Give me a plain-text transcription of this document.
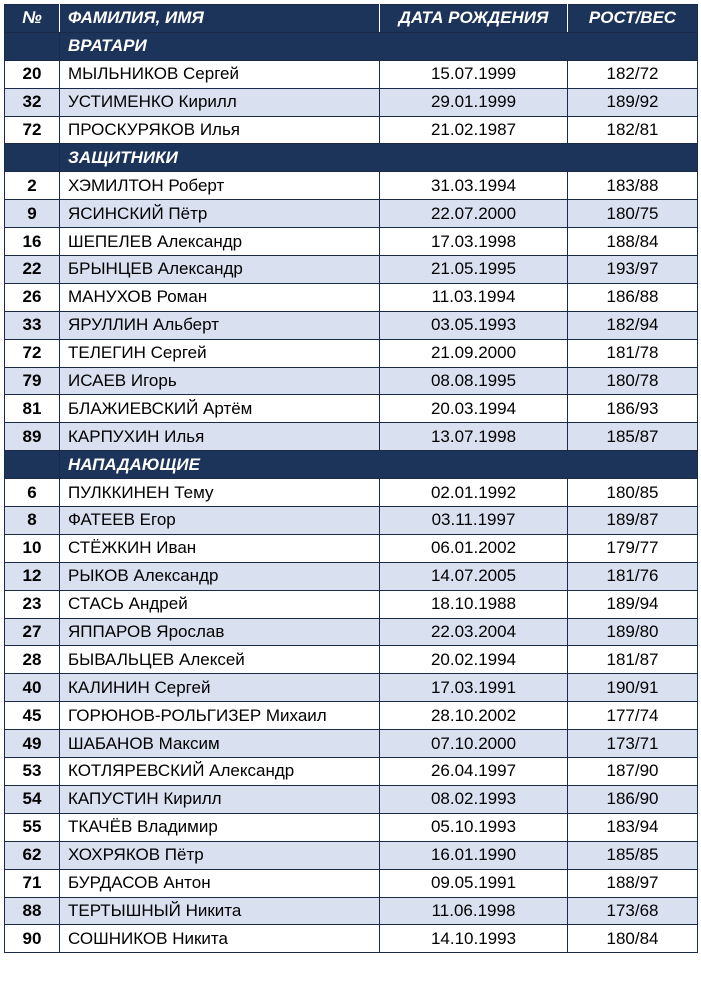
№	ФАМИЛИЯ, ИМЯ	ДАТА РОЖДЕНИЯ	РОСТ/ВЕС
	ВРАТАРИ		
20	МЫЛЬНИКОВ Сергей	15.07.1999	182/72
32	УСТИМЕНКО Кирилл	29.01.1999	189/92
72	ПРОСКУРЯКОВ Илья	21.02.1987	182/81
	ЗАЩИТНИКИ		
2	ХЭМИЛТОН Роберт	31.03.1994	183/88
9	ЯСИНСКИЙ Пётр	22.07.2000	180/75
16	ШЕПЕЛЕВ Александр	17.03.1998	188/84
22	БРЫНЦЕВ Александр	21.05.1995	193/97
26	МАНУХОВ Роман	11.03.1994	186/88
33	ЯРУЛЛИН Альберт	03.05.1993	182/94
72	ТЕЛЕГИН Сергей	21.09.2000	181/78
79	ИСАЕВ Игорь	08.08.1995	180/78
81	БЛАЖИЕВСКИЙ Артём	20.03.1994	186/93
89	КАРПУХИН Илья	13.07.1998	185/87
	НАПАДАЮЩИЕ		
6	ПУЛККИНЕН Тему	02.01.1992	180/85
8	ФАТЕЕВ Егор	03.11.1997	189/87
10	СТЁЖКИН Иван	06.01.2002	179/77
12	РЫКОВ Александр	14.07.2005	181/76
23	СТАСЬ Андрей	18.10.1988	189/94
27	ЯППАРОВ Ярослав	22.03.2004	189/80
28	БЫВАЛЬЦЕВ Алексей	20.02.1994	181/87
40	КАЛИНИН Сергей	17.03.1991	190/91
45	ГОРЮНОВ-РОЛЬГИЗЕР Михаил	28.10.2002	177/74
49	ШАБАНОВ Максим	07.10.2000	173/71
53	КОТЛЯРЕВСКИЙ Александр	26.04.1997	187/90
54	КАПУСТИН Кирилл	08.02.1993	186/90
55	ТКАЧЁВ Владимир	05.10.1993	183/94
62	ХОХРЯКОВ Пётр	16.01.1990	185/85
71	БУРДАСОВ Антон	09.05.1991	188/97
88	ТЕРТЫШНЫЙ Никита	11.06.1998	173/68
90	СОШНИКОВ Никита	14.10.1993	180/84
